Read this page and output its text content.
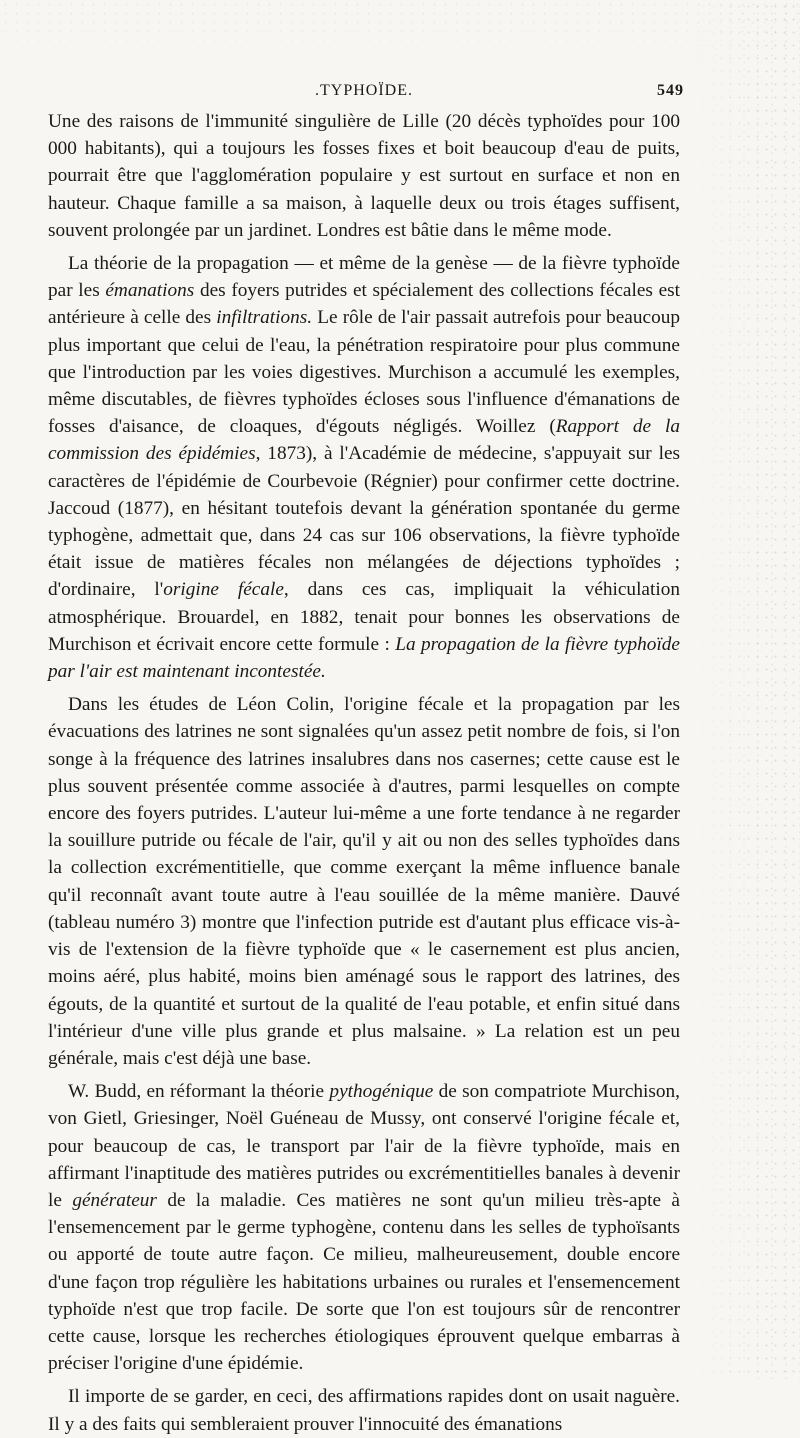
.TYPHOÏDE.	549

Une des raisons de l'immunité singulière de Lille (20 décès typhoïdes pour 100 000 habitants), qui a toujours les fosses fixes et boit beaucoup d'eau de puits, pourrait être que l'agglomération populaire y est surtout en surface et non en hauteur. Chaque famille a sa maison, à laquelle deux ou trois étages suffisent, souvent prolongée par un jardinet. Londres est bâtie dans le même mode.

La théorie de la propagation — et même de la genèse — de la fièvre typhoïde par les émanations des foyers putrides et spécialement des collections fécales est antérieure à celle des infiltrations. Le rôle de l'air passait autrefois pour beaucoup plus important que celui de l'eau, la pénétration respiratoire pour plus commune que l'introduction par les voies digestives. Murchison a accumulé les exemples, même discutables, de fièvres typhoïdes écloses sous l'influence d'émanations de fosses d'aisance, de cloaques, d'égouts négligés. Woillez (Rapport de la commission des épidémies, 1873), à l'Académie de médecine, s'appuyait sur les caractères de l'épidémie de Courbevoie (Régnier) pour confirmer cette doctrine. Jaccoud (1877), en hésitant toutefois devant la génération spontanée du germe typhogène, admettait que, dans 24 cas sur 106 observations, la fièvre typhoïde était issue de matières fécales non mélangées de déjections typhoïdes ; d'ordinaire, l'origine fécale, dans ces cas, impliquait la véhiculation atmosphérique. Brouardel, en 1882, tenait pour bonnes les observations de Murchison et écrivait encore cette formule : La propagation de la fièvre typhoïde par l'air est maintenant incontestée.

Dans les études de Léon Colin, l'origine fécale et la propagation par les évacuations des latrines ne sont signalées qu'un assez petit nombre de fois, si l'on songe à la fréquence des latrines insalubres dans nos casernes; cette cause est le plus souvent présentée comme associée à d'autres, parmi lesquelles on compte encore des foyers putrides. L'auteur lui-même a une forte tendance à ne regarder la souillure putride ou fécale de l'air, qu'il y ait ou non des selles typhoïdes dans la collection excrémentitielle, que comme exerçant la même influence banale qu'il reconnaît avant toute autre à l'eau souillée de la même manière. Dauvé (tableau numéro 3) montre que l'infection putride est d'autant plus efficace vis-à-vis de l'extension de la fièvre typhoïde que « le casernement est plus ancien, moins aéré, plus habité, moins bien aménagé sous le rapport des latrines, des égouts, de la quantité et surtout de la qualité de l'eau potable, et enfin situé dans l'intérieur d'une ville plus grande et plus malsaine. » La relation est un peu générale, mais c'est déjà une base.

W. Budd, en réformant la théorie pythogénique de son compatriote Murchison, von Gietl, Griesinger, Noël Guéneau de Mussy, ont conservé l'origine fécale et, pour beaucoup de cas, le transport par l'air de la fièvre typhoïde, mais en affirmant l'inaptitude des matières putrides ou excrémentitielles banales à devenir le générateur de la maladie. Ces matières ne sont qu'un milieu très-apte à l'ensemencement par le germe typhogène, contenu dans les selles de typhoïsants ou apporté de toute autre façon. Ce milieu, malheureusement, double encore d'une façon trop régulière les habitations urbaines ou rurales et l'ensemencement typhoïde n'est que trop facile. De sorte que l'on est toujours sûr de rencontrer cette cause, lorsque les recherches étiologiques éprouvent quelque embarras à préciser l'origine d'une épidémie.

Il importe de se garder, en ceci, des affirmations rapides dont on usait naguère. Il y a des faits qui sembleraient prouver l'innocuité des émanations
